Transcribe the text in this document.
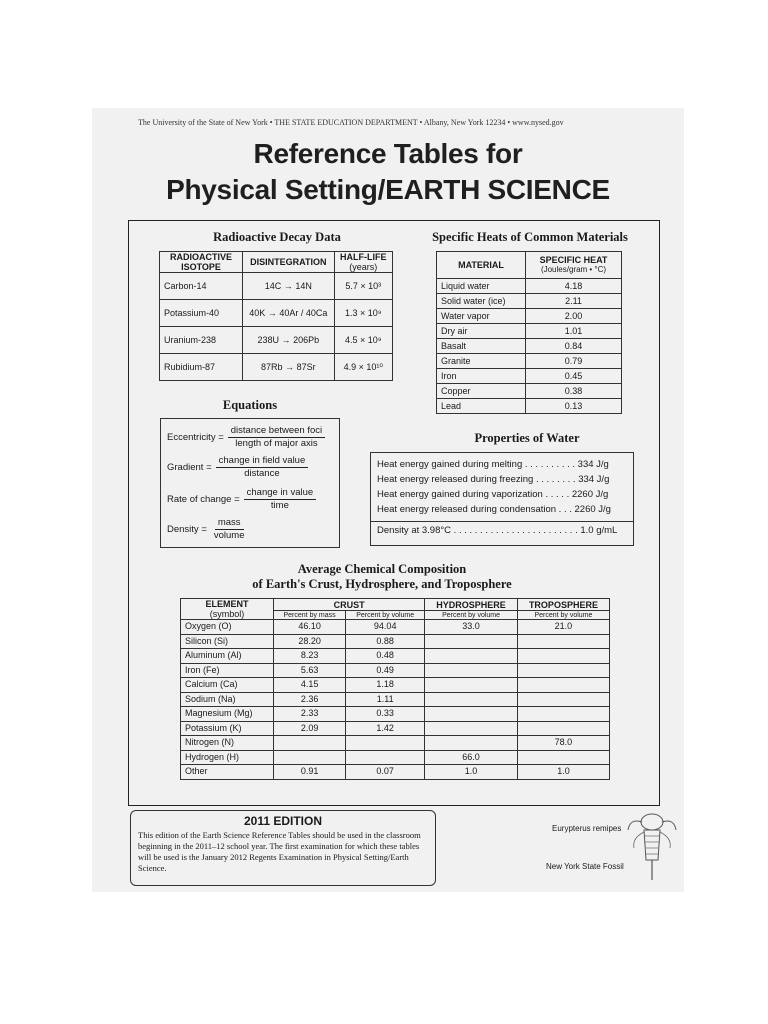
The University of the State of New York • THE STATE EDUCATION DEPARTMENT • Albany, New York 12234 • www.nysed.gov
Reference Tables for
Physical Setting/EARTH SCIENCE
Radioactive Decay Data
RADIOACTIVE ISOTOPE	DISINTEGRATION	HALF-LIFE
(years)

Carbon-14	14C → 14N	5.7 × 10³
Potassium-40	40K → 40Ar / 40Ca	1.3 × 10⁹
Uranium-238	238U → 206Pb	4.5 × 10⁹
Rubidium-87	87Rb → 87Sr	4.9 × 10¹⁰
Specific Heats of Common Materials
MATERIAL	SPECIFIC HEAT
(Joules/gram • °C)

Liquid water	4.18
Solid water (ice)	2.11
Water vapor	2.00
Dry air	1.01
Basalt	0.84
Granite	0.79
Iron	0.45
Copper	0.38
Lead	0.13
Equations
Eccentricity = $\frac{\text{distance between foci}}{\text{length of major axis}}$
Gradient = $\frac{\text{change in field value}}{\text{distance}}$
Rate of change = $\frac{\text{change in value}}{\text{time}}$
Density = $\frac{\text{mass}}{\text{volume}}$
Properties of Water
Heat energy gained during melting . . . . . . . . . . 334 J/g
Heat energy released during freezing . . . . . . . . 334 J/g
Heat energy gained during vaporization . . . . . 2260 J/g
Heat energy released during condensation . . . 2260 J/g
Density at 3.98°C . . . . . . . . . . . . . . . . . . . . . . . . 1.0 g/mL
Average Chemical Composition
of Earth's Crust, Hydrosphere, and Troposphere
ELEMENT
(symbol)	CRUST		HYDROSPHERE	TROPOSPHERE
	Percent by mass	Percent by volume	Percent by volume	Percent by volume
Oxygen (O)	46.10	94.04	33.0	21.0
Silicon (Si)	28.20	0.88		
Aluminum (Al)	8.23	0.48		
Iron (Fe)	5.63	0.49		
Calcium (Ca)	4.15	1.18		
Sodium (Na)	2.36	1.11		
Magnesium (Mg)	2.33	0.33		
Potassium (K)	2.09	1.42		
Nitrogen (N)				78.0
Hydrogen (H)			66.0	
Other	0.91	0.07	1.0	1.0
2011 EDITION
This edition of the Earth Science Reference Tables should be used in the classroom beginning in the 2011–12 school year. The first examination for which these tables will be used is the January 2012 Regents Examination in Physical Setting/Earth Science.
Eurypterus remipes
New York State Fossil
